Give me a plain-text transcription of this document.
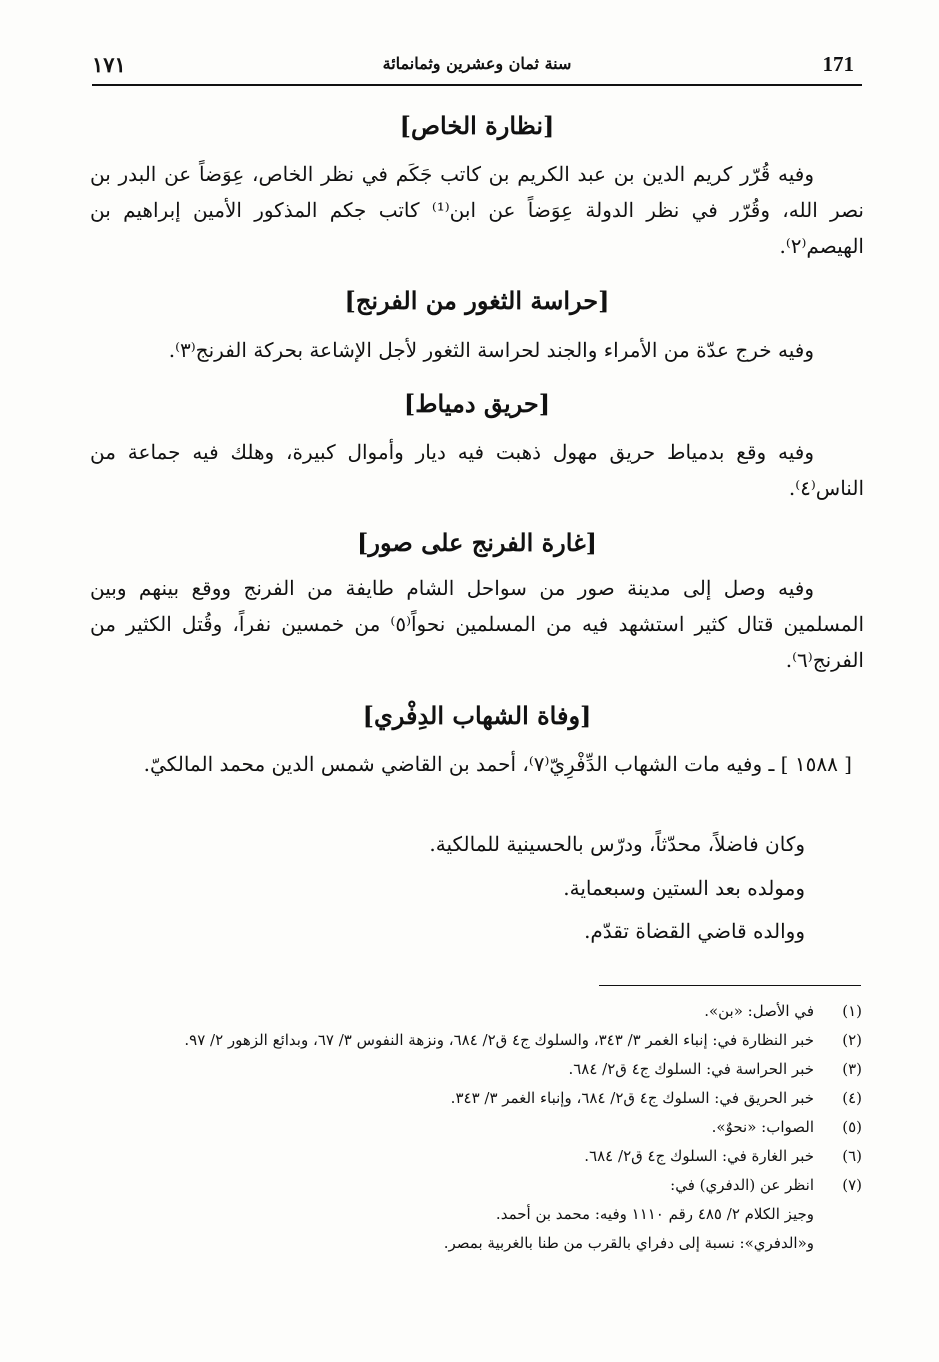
171
سنة ثمان وعشرين وثمانمائة
١٧١
[نظارة الخاص]
وفيه قُرّر كريم الدين بن عبد الكريم بن كاتب جَكَم في نظر الخاص، عِوَضاً عن البدر بن نصر الله، وقُرّر في نظر الدولة عِوَضاً عن ابن⁽¹⁾ كاتب جكم المذكور الأمين إبراهيم بن الهيصم⁽٢⁾.
[حراسة الثغور من الفرنج]
وفيه خرج عدّة من الأمراء والجند لحراسة الثغور لأجل الإشاعة بحركة الفرنج⁽٣⁾.
[حريق دمياط]
وفيه وقع بدمياط حريق مهول ذهبت فيه ديار وأموال كبيرة، وهلك فيه جماعة من الناس⁽٤⁾.
[غارة الفرنج على صور]
وفيه وصل إلى مدينة صور من سواحل الشام طايفة من الفرنج ووقع بينهم وبين المسلمين قتال كثير استشهد فيه من المسلمين نحواً⁽٥⁾ من خمسين نفراً، وقُتل الكثير من الفرنج⁽٦⁾.
[وفاة الشهاب الدِفْري]
[ ١٥٨٨ ] ـ وفيه مات الشهاب الدِّفْرِيّ⁽٧⁾، أحمد بن القاضي شمس الدين محمد المالكيّ.
وكان فاضلاً، محدّثاً، ودرّس بالحسينية للمالكية.
ومولده بعد الستين وسبعماية.
ووالده قاضي القضاة تقدّم.
(١)
في الأصل: «بن».
(٢)
خبر النظارة في: إنباء الغمر ٣/ ٣٤٣، والسلوك ج٤ ق٢/ ٦٨٤، ونزهة النفوس ٣/ ٦٧، وبدائع الزهور ٢/ ٩٧.
(٣)
خبر الحراسة في: السلوك ج٤ ق٢/ ٦٨٤.
(٤)
خبر الحريق في: السلوك ج٤ ق٢/ ٦٨٤، وإنباء الغمر ٣/ ٣٤٣.
(٥)
الصواب: «نحوٌ».
(٦)
خبر الغارة في: السلوك ج٤ ق٢/ ٦٨٤.
(٧)
انظر عن (الدفري) في:
وجيز الكلام ٢/ ٤٨٥ رقم ١١١٠ وفيه: محمد بن أحمد.
و«الدفري»: نسبة إلى دفراي بالقرب من طنا بالغربية بمصر.
